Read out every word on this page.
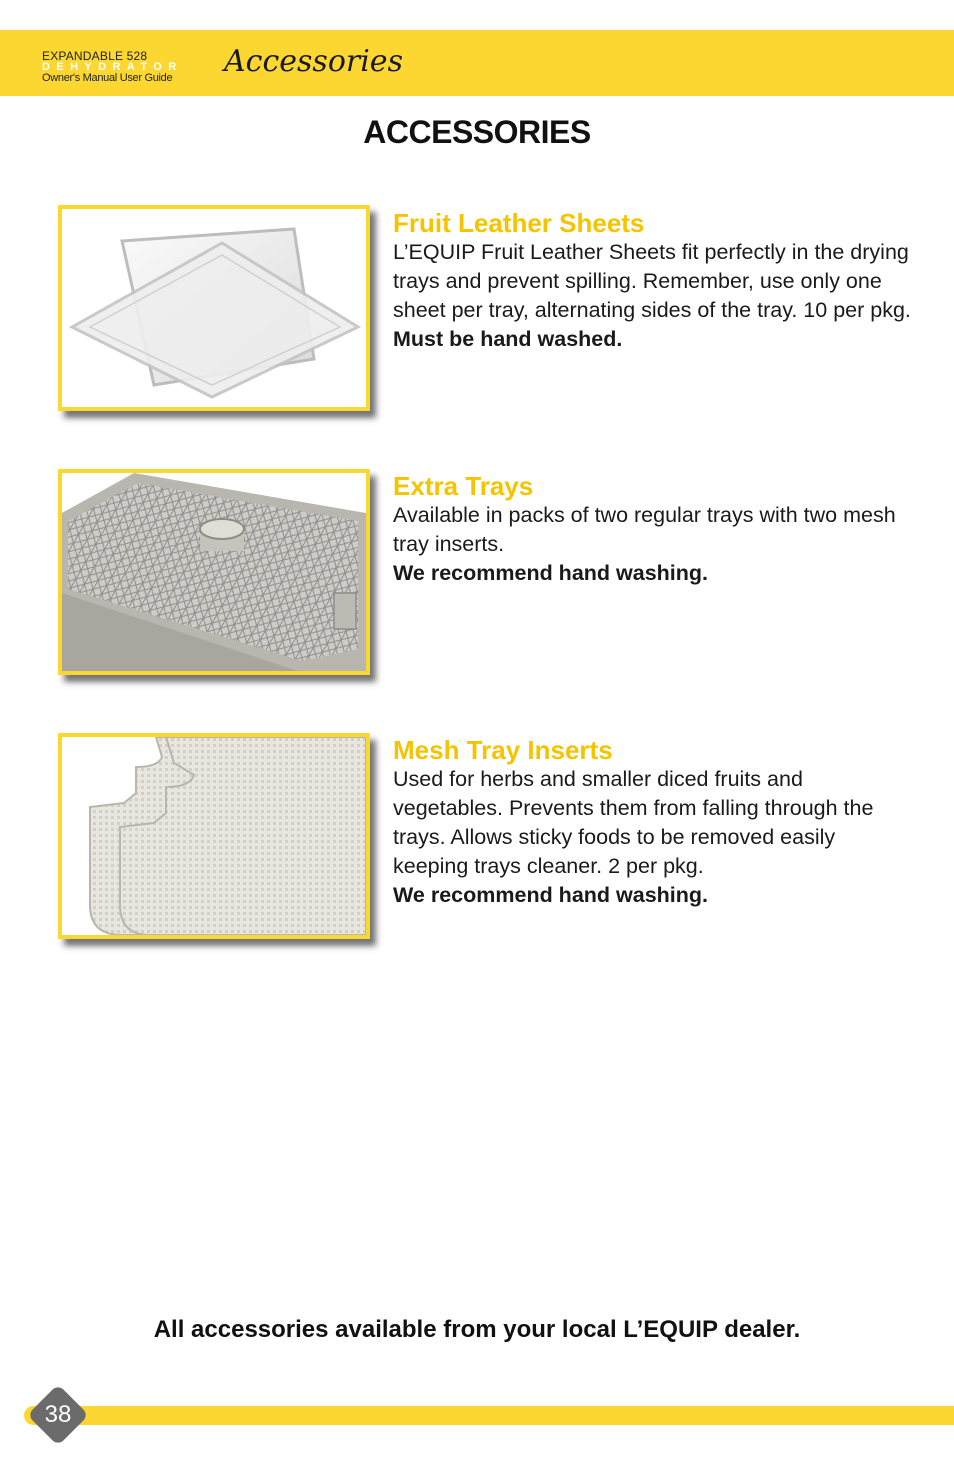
EXPANDABLE 528
DEHYDRATOR
Owner's Manual User Guide	Accessories
ACCESSORIES
Fruit Leather Sheets

L’EQUIP Fruit Leather Sheets fit perfectly in the drying trays and prevent spilling. Remember, use only one sheet per tray, alternating sides of the tray. 10 per pkg.

Must be hand washed.

Extra Trays

Available in packs of two regular trays with two mesh tray inserts.

We recommend hand washing.

Mesh Tray Inserts

Used for herbs and smaller diced fruits and vegetables. Prevents them from falling through the trays. Allows sticky foods to be removed easily keeping trays cleaner. 2 per pkg.

We recommend hand washing.

All accessories available from your local L’EQUIP dealer.
38
